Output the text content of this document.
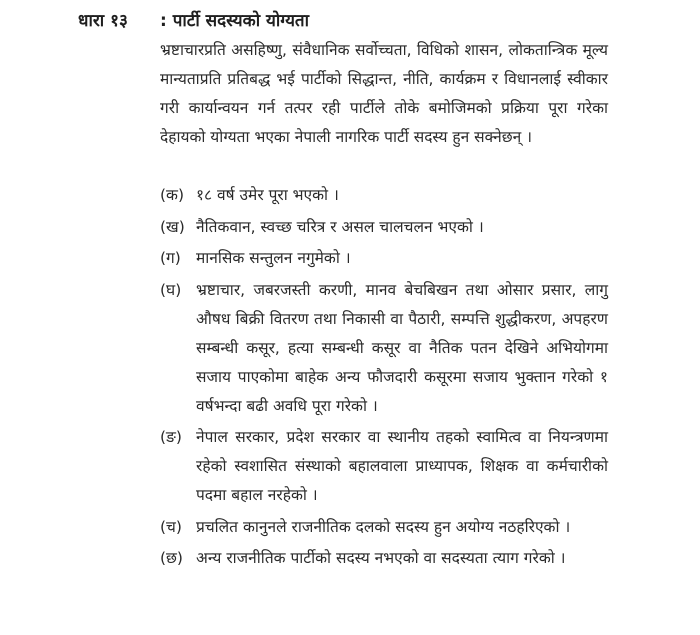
धारा १३ : पार्टी सदस्यको योग्यता

भ्रष्टाचारप्रति असहिष्णु, संवैधानिक सर्वोच्चता, विधिको शासन, लोकतान्त्रिक मूल्य मान्यताप्रति प्रतिबद्ध भई पार्टीको सिद्धान्त, नीति, कार्यक्रम र विधानलाई स्वीकार गरी कार्यान्वयन गर्न तत्पर रही पार्टीले तोके बमोजिमको प्रक्रिया पूरा गरेका देहायको योग्यता भएका नेपाली नागरिक पार्टी सदस्य हुन सक्नेछन् ।

(क) १८ वर्ष उमेर पूरा भएको ।
(ख) नैतिकवान, स्वच्छ चरित्र र असल चालचलन भएको ।
(ग) मानसिक सन्तुलन नगुमेको ।
(घ) भ्रष्टाचार, जबरजस्ती करणी, मानव बेचबिखन तथा ओसार प्रसार, लागु औषध बिक्री वितरण तथा निकासी वा पैठारी, सम्पत्ति शुद्धीकरण, अपहरण सम्बन्धी कसूर, हत्या सम्बन्धी कसूर वा नैतिक पतन देखिने अभियोगमा सजाय पाएकोमा बाहेक अन्य फौजदारी कसूरमा सजाय भुक्तान गरेको १ वर्षभन्दा बढी अवधि पूरा गरेको ।
(ङ) नेपाल सरकार, प्रदेश सरकार वा स्थानीय तहको स्वामित्व वा नियन्त्रणमा रहेको स्वशासित संस्थाको बहालवाला प्राध्यापक, शिक्षक वा कर्मचारीको पदमा बहाल नरहेको ।
(च) प्रचलित कानुनले राजनीतिक दलको सदस्य हुन अयोग्य नठहरिएको ।
(छ) अन्य राजनीतिक पार्टीको सदस्य नभएको वा सदस्यता त्याग गरेको ।
